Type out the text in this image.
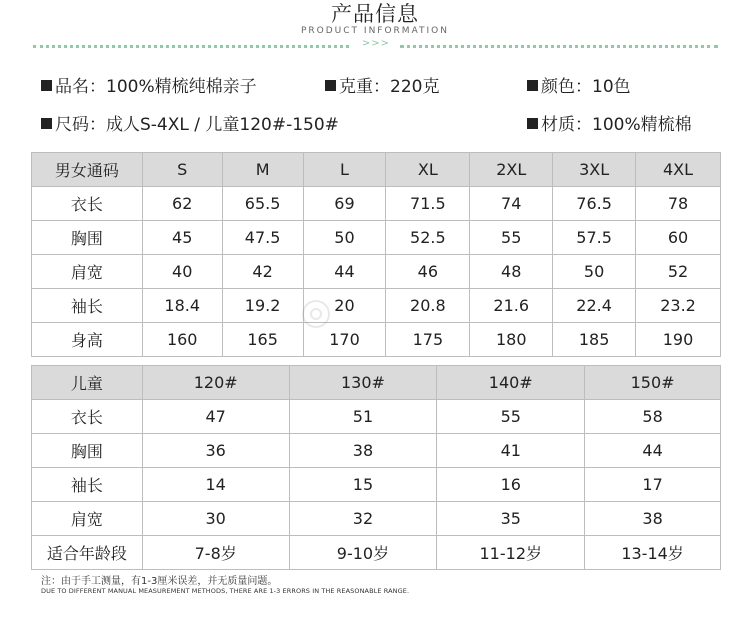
产品信息
PRODUCT INFORMATION
>>>
品名：100%精梳纯棉亲子	克重：220克	颜色：10色
尺码：成人S-4XL / 儿童120#-150#	材质：100%精梳棉
男女通码	S	M	L	XL	2XL	3XL	4XL
衣长	62	65.5	69	71.5	74	76.5	78
胸围	45	47.5	50	52.5	55	57.5	60
肩宽	40	42	44	46	48	50	52
袖长	18.4	19.2	20	20.8	21.6	22.4	23.2
身高	160	165	170	175	180	185	190
儿童	120#	130#	140#	150#
衣长	47	51	55	58
胸围	36	38	41	44
袖长	14	15	16	17
肩宽	30	32	35	38
适合年龄段	7-8岁	9-10岁	11-12岁	13-14岁
注：由于手工测量，有1-3厘米误差，并无质量问题。
DUE TO DIFFERENT MANUAL MEASUREMENT METHODS, THERE ARE 1-3 ERRORS IN THE REASONABLE RANGE.
